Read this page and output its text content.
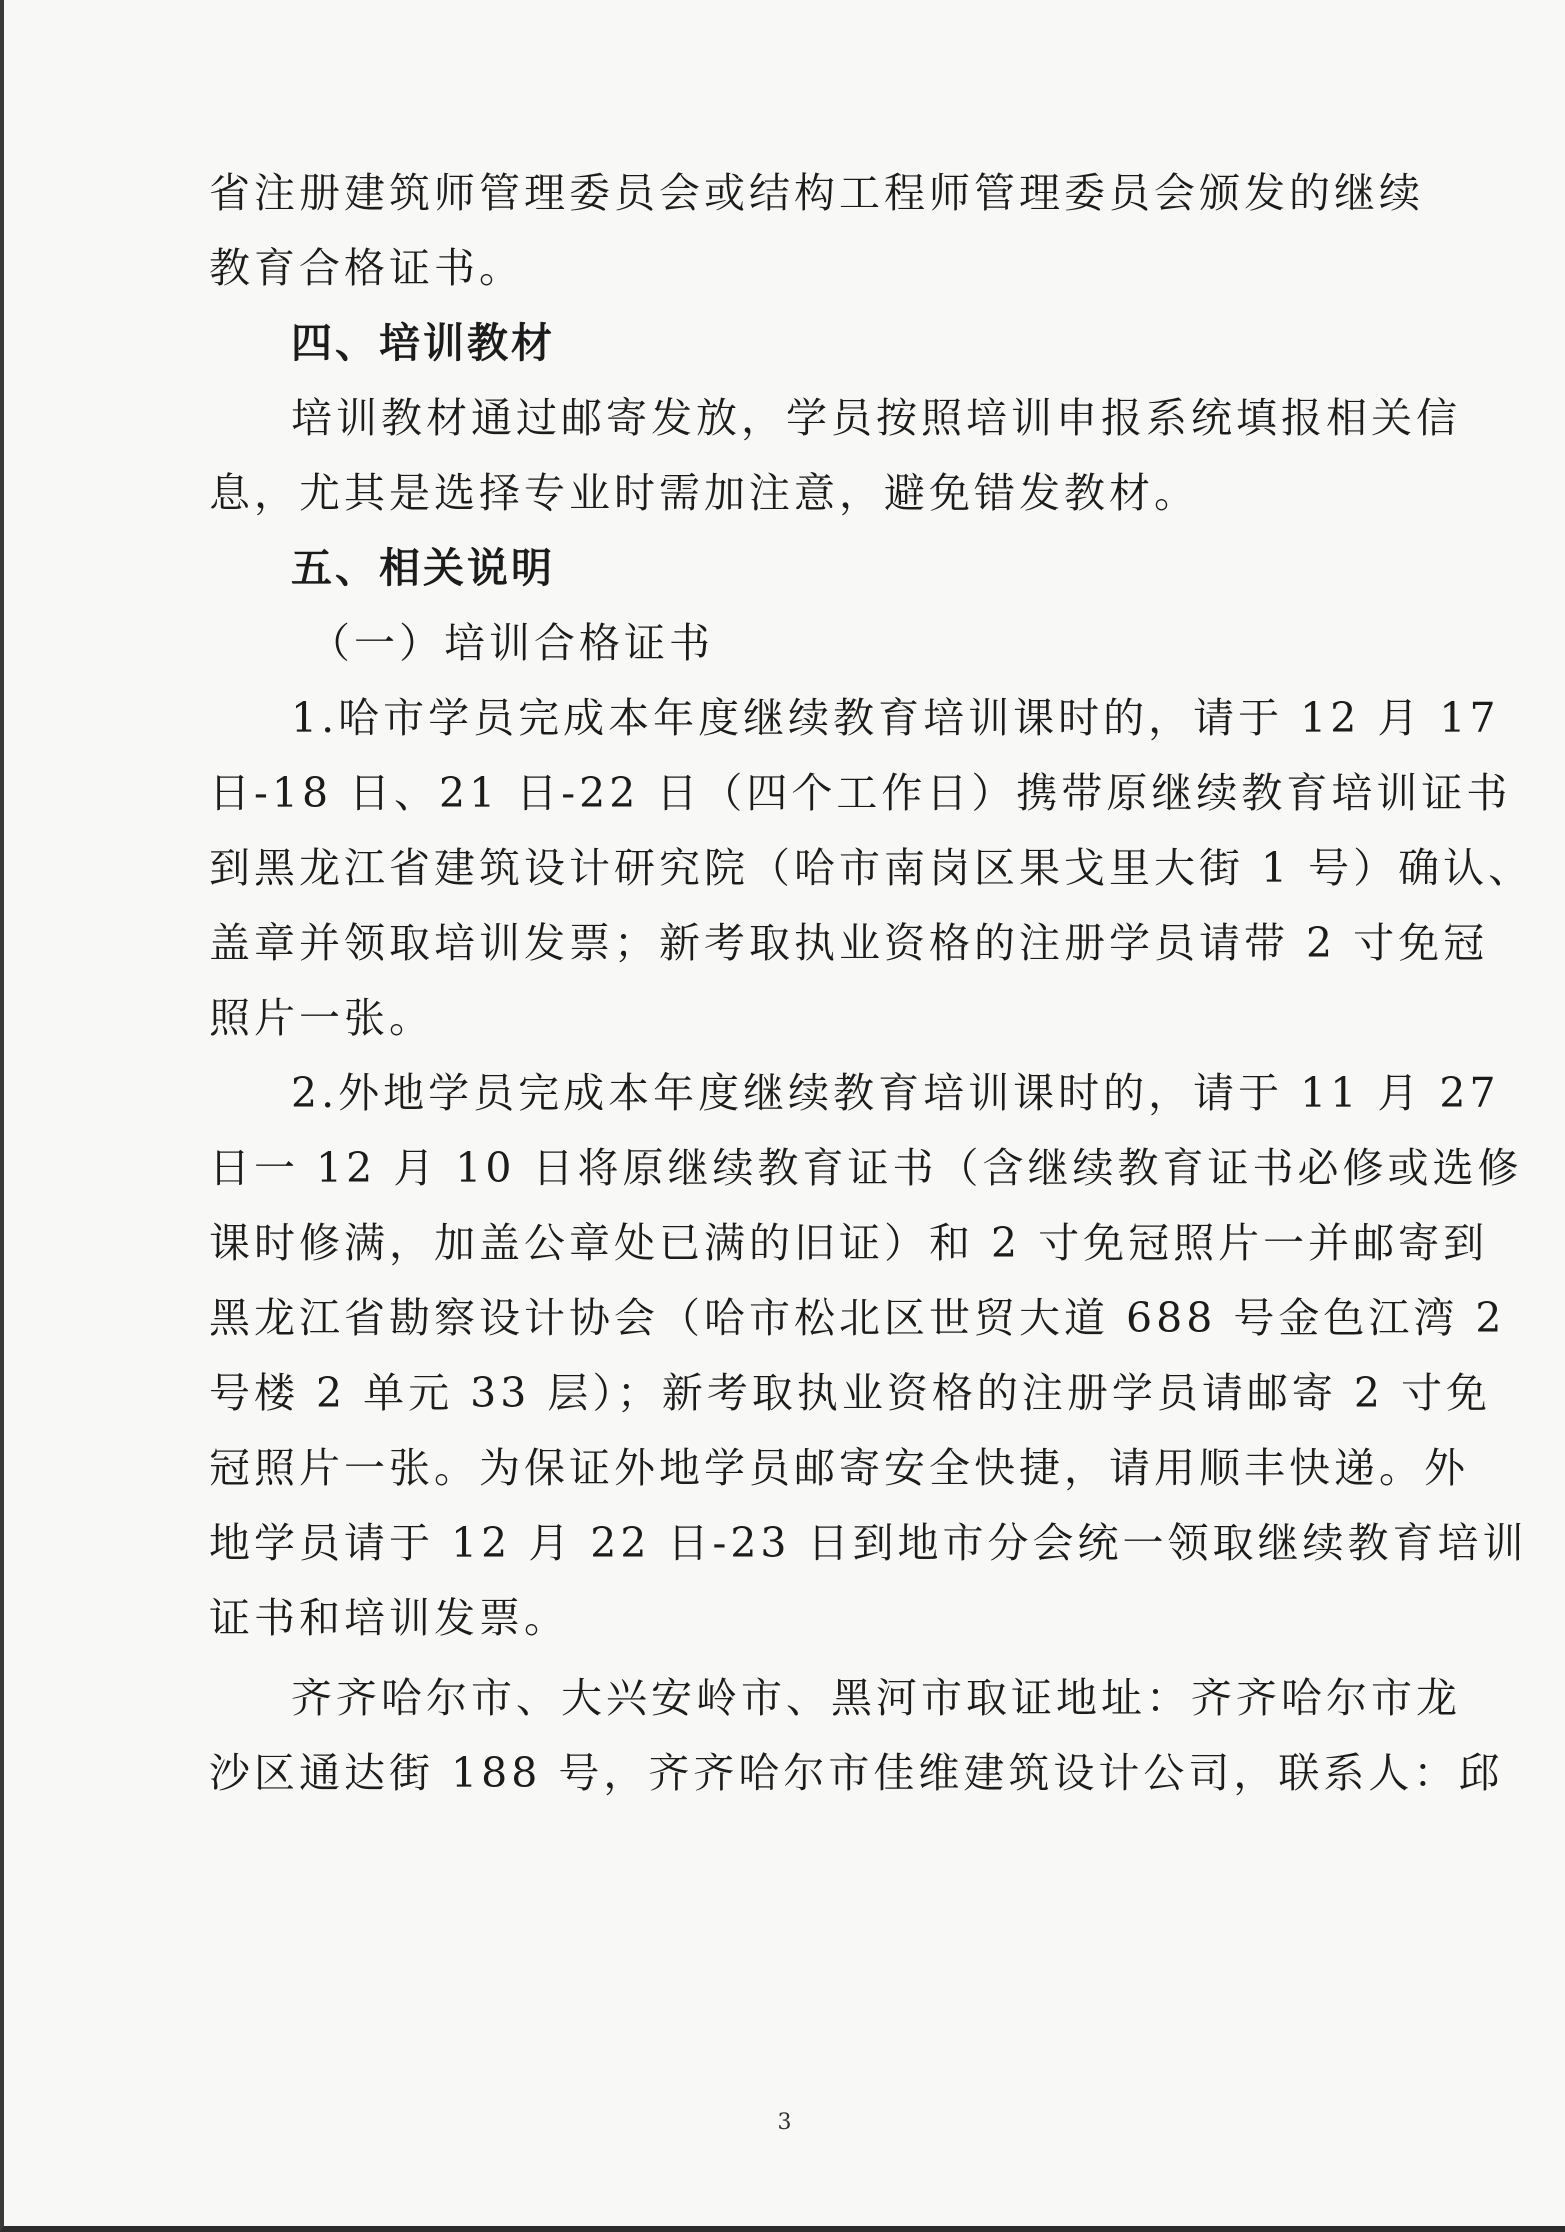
省注册建筑师管理委员会或结构工程师管理委员会颁发的继续
教育合格证书。
四、培训教材
培训教材通过邮寄发放，学员按照培训申报系统填报相关信
息，尤其是选择专业时需加注意，避免错发教材。
五、相关说明
（一）培训合格证书
1.哈市学员完成本年度继续教育培训课时的，请于 12 月 17
日-18 日、21 日-22 日（四个工作日）携带原继续教育培训证书
到黑龙江省建筑设计研究院（哈市南岗区果戈里大街 1 号）确认、
盖章并领取培训发票；新考取执业资格的注册学员请带 2 寸免冠
照片一张。
2.外地学员完成本年度继续教育培训课时的，请于 11 月 27
日一 12 月 10 日将原继续教育证书（含继续教育证书必修或选修
课时修满，加盖公章处已满的旧证）和 2 寸免冠照片一并邮寄到
黑龙江省勘察设计协会（哈市松北区世贸大道 688 号金色江湾 2
号楼 2 单元 33 层）；新考取执业资格的注册学员请邮寄 2 寸免
冠照片一张。为保证外地学员邮寄安全快捷，请用顺丰快递。外
地学员请于 12 月 22 日-23 日到地市分会统一领取继续教育培训
证书和培训发票。
齐齐哈尔市、大兴安岭市、黑河市取证地址：齐齐哈尔市龙
沙区通达街 188 号，齐齐哈尔市佳维建筑设计公司，联系人：邱
3
